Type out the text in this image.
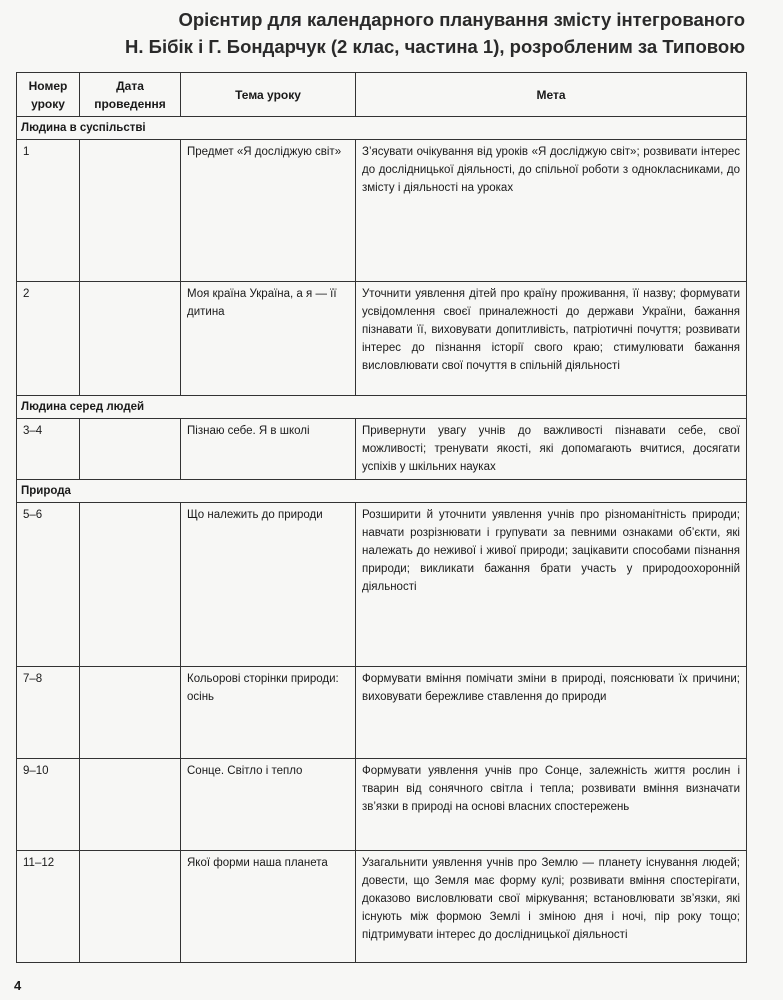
Орієнтир для календарного планування змісту інтегрованого
Н. Бібік і Г. Бондарчук (2 клас, частина 1), розробленим за Типовою
Номер уроку	Дата проведення	Тема уроку	Мета
Людина в суспільстві			
1		Предмет «Я досліджую світ»	З’ясувати очікування від уроків «Я досліджую світ»; розвивати інтерес до дослідницької діяльності, до спільної роботи з однокласниками, до змісту і діяльності на уроках
2		Моя країна Україна, а я — її дитина	Уточнити уявлення дітей про країну проживання, її назву; формувати усвідомлення своєї приналежності до держави України, бажання пізнавати її, виховувати допитливість, патріотичні почуття; розвивати інтерес до пізнання історії свого краю; стимулювати бажання висловлювати свої почуття в спільній діяльності
Людина серед людей			
3–4		Пізнаю себе. Я в школі	Привернути увагу учнів до важливості пізнавати себе, свої можливості; тренувати якості, які допомагають вчитися, досягати успіхів у шкільних науках
Природа			
5–6		Що належить до природи	Розширити й уточнити уявлення учнів про різноманітність природи; навчати розрізнювати і групувати за певними ознаками об’єкти, які належать до неживої і живої природи; зацікавити способами пізнання природи; викликати бажання брати участь у природоохоронній діяльності
7–8		Кольорові сторінки природи: осінь	Формувати вміння помічати зміни в природі, пояснювати їх причини; виховувати бережливе ставлення до природи
9–10		Сонце. Світло і тепло	Формувати уявлення учнів про Сонце, залежність життя рослин і тварин від сонячного світла і тепла; розвивати вміння визначати зв’язки в природі на основі власних спостережень
11–12		Якої форми наша планета	Узагальнити уявлення учнів про Землю — планету існування людей; довести, що Земля має форму кулі; розвивати вміння спостерігати, доказово висловлювати свої міркування; встановлювати зв’язки, які існують між формою Землі і зміною дня і ночі, пір року тощо; підтримувати інтерес до дослідницької діяльності
4
